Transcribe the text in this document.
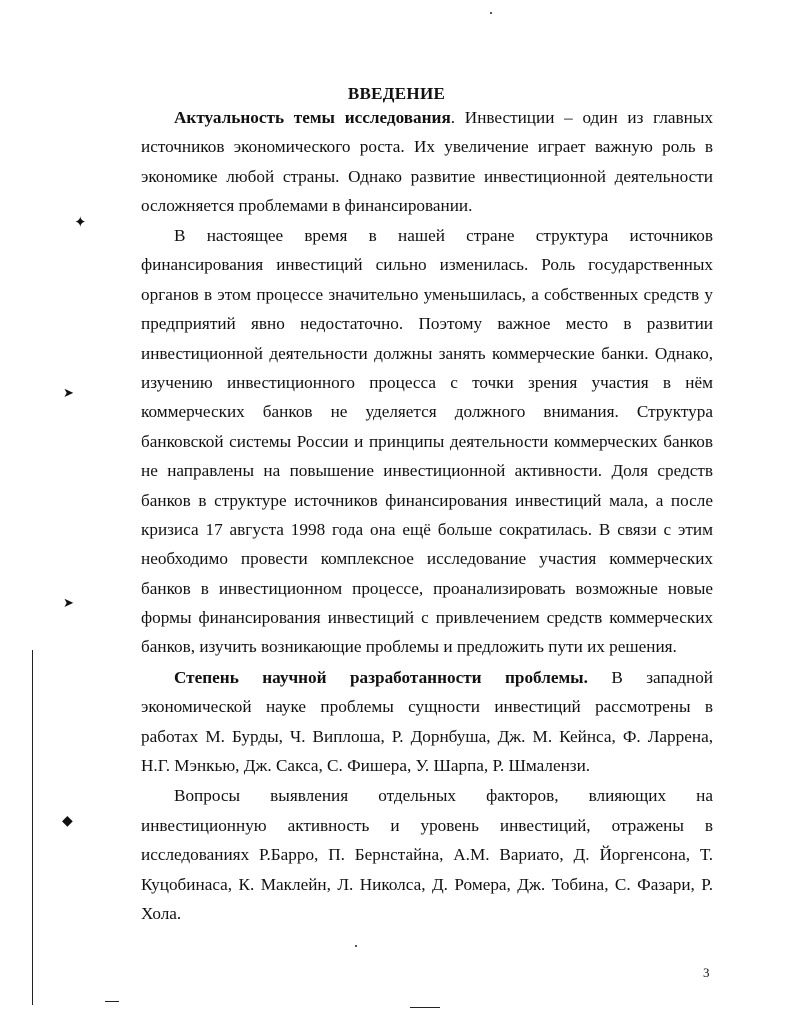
ВВЕДЕНИЕ
Актуальность темы исследования. Инвестиции – один из главных
источников экономического роста. Их увеличение играет важную роль в
экономике любой страны. Однако развитие инвестиционной деятельности
осложняется проблемами в финансировании.
В настоящее время в нашей стране структура источников
финансирования инвестиций сильно изменилась. Роль государственных
органов в этом процессе значительно уменьшилась, а собственных средств у
предприятий явно недостаточно. Поэтому важное место в развитии
инвестиционной деятельности должны занять коммерческие банки. Однако,
изучению инвестиционного процесса с точки зрения участия в нём
коммерческих банков не уделяется должного внимания. Структура
банковской системы России и принципы деятельности коммерческих банков
не направлены на повышение инвестиционной активности. Доля средств
банков в структуре источников финансирования инвестиций мала, а после
кризиса 17 августа 1998 года она ещё больше сократилась. В связи с этим
необходимо провести комплексное исследование участия коммерческих
банков в инвестиционном процессе, проанализировать возможные новые
формы финансирования инвестиций с привлечением средств коммерческих
банков, изучить возникающие проблемы и предложить пути их решения.
Степень научной разработанности проблемы. В западной
экономической науке проблемы сущности инвестиций рассмотрены в
работах М. Бурды, Ч. Виплоша, Р. Дорнбуша, Дж. М. Кейнса, Ф. Ларрена,
Н.Г. Мэнкью, Дж. Сакса, С. Фишера, У. Шарпа, Р. Шмалензи.
Вопросы выявления отдельных факторов, влияющих на
инвестиционную активность и уровень инвестиций, отражены в
исследованиях Р.Барро, П. Бернстайна, А.М. Вариато, Д. Йоргенсона, Т.
Куцобинаса, К. Маклейн, Л. Николса, Д. Ромера, Дж. Тобина, С. Фазари, Р.
Хола.
3
✦
➤
➤
◆
